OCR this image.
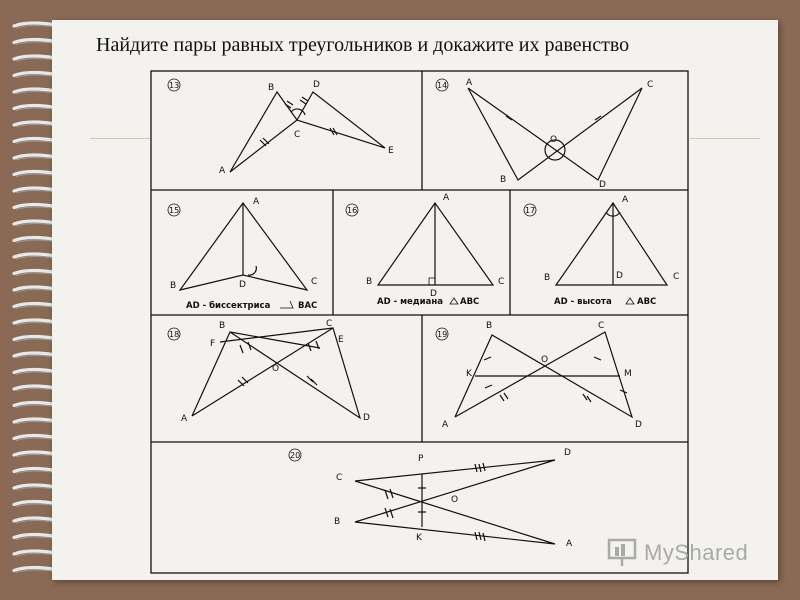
Найдите пары равных треугольников и докажите их равенство
13
A
B
C
D
E
14 A
B
C
D
O
15
A
B	C
D
AD - биссектриса	BAC
16
A
B	C
D
AD - медиана ABC
17
A
B	C
D
AD - высота	ABC
18
A
B	C
D
E
F
O
19
A
B	C
D
K	M
O
20
A
B
C
D
K
P
O
MyShared
